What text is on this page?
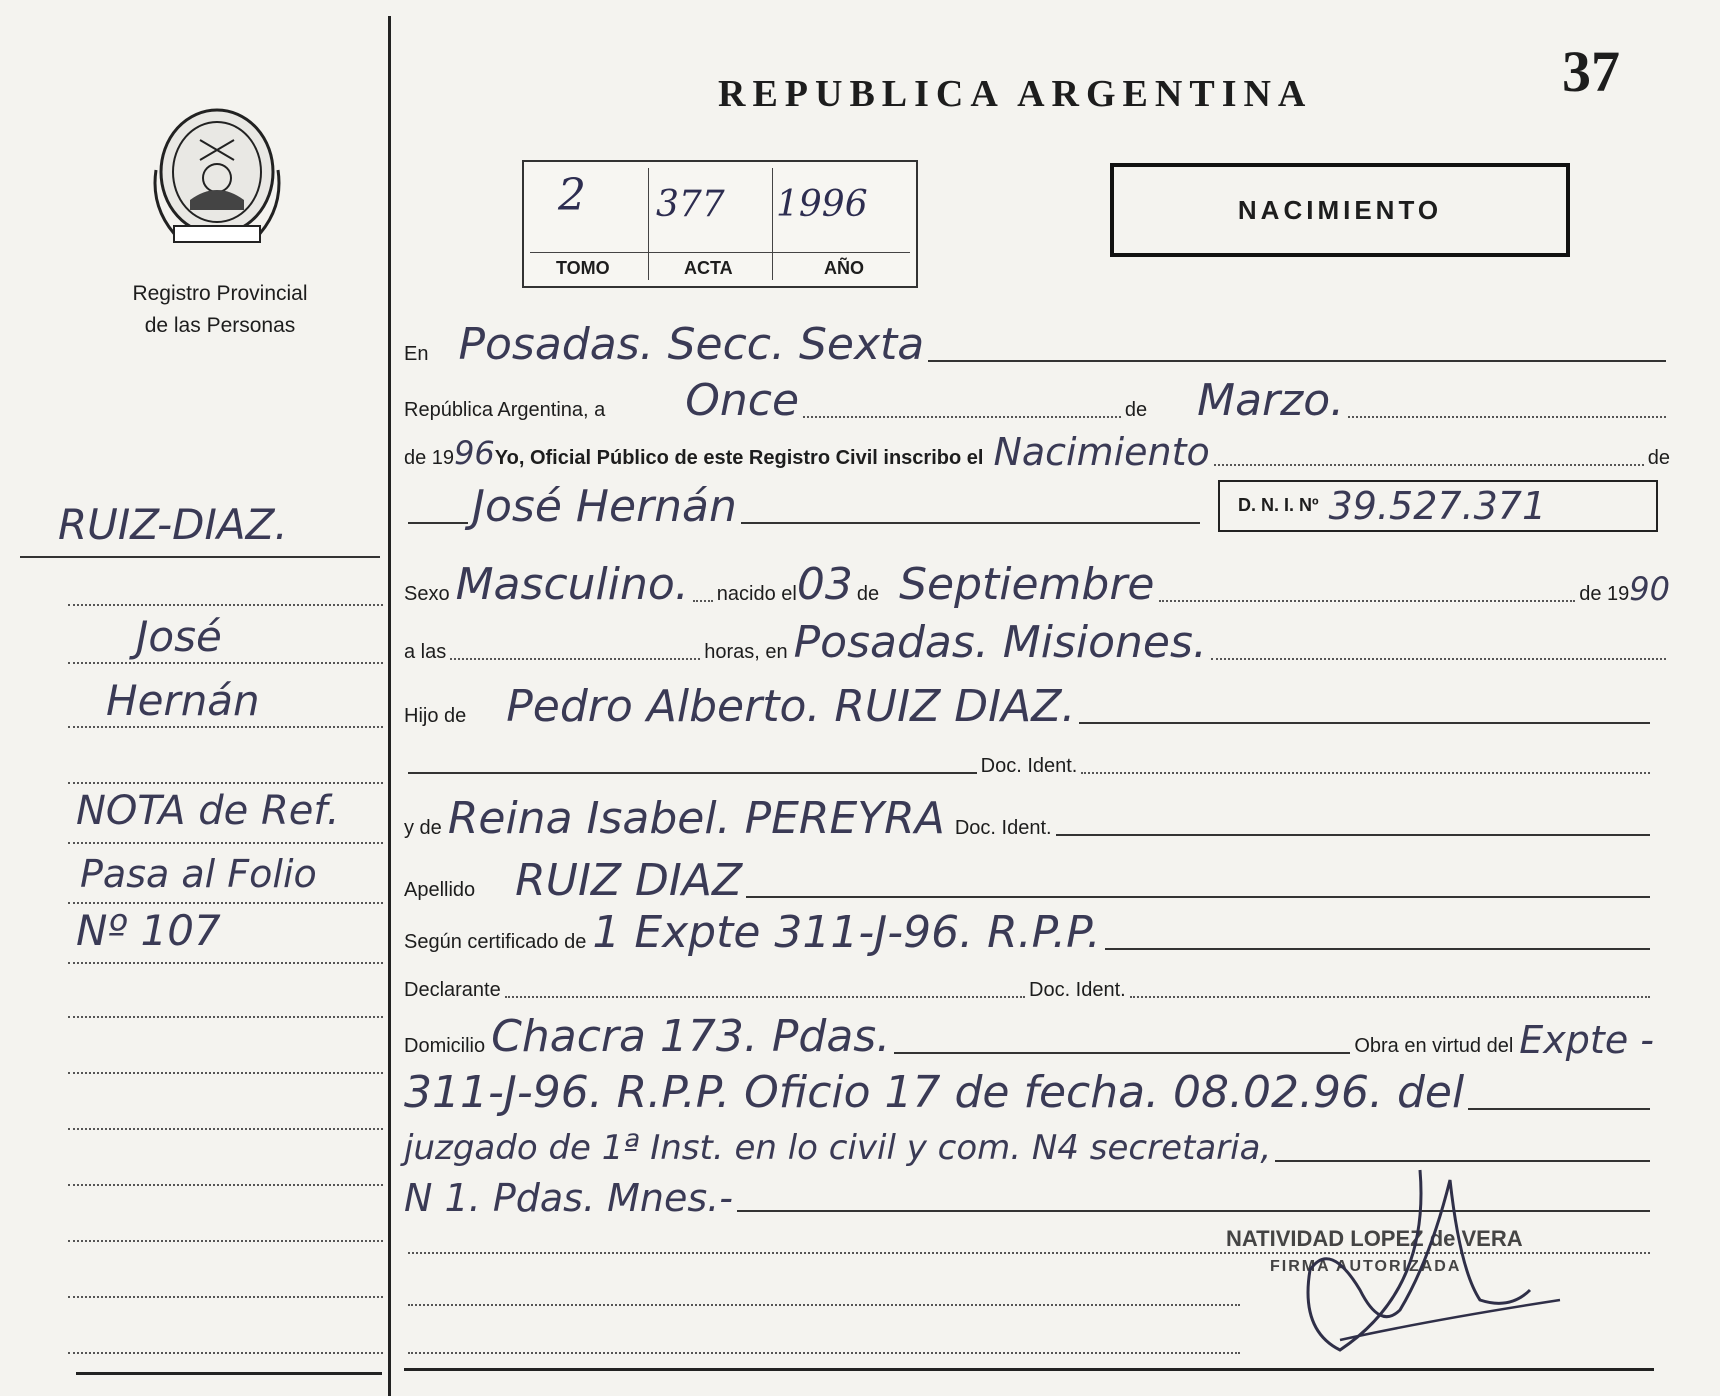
37
REPUBLICA ARGENTINA
Registro Provincial
de las Personas
2 377 1996
TOMO	ACTA	AÑO
NACIMIENTO
En Posadas. Secc. Sexta
República Argentina, a Once	de Marzo.
de 19 96 Yo, Oficial Público de este Registro Civil inscribo el Nacimiento	de
José Hernán	D. N. I. Nº 39.527.371
Sexo Masculino. nacido el 03 de Septiembre	de 19 90
a las	horas, en Posadas. Misiones.
Hijo de Pedro Alberto. RUIZ DIAZ.
Doc. Ident.
y de Reina Isabel. PEREYRA Doc. Ident.
Apellido RUIZ DIAZ
Según certificado de 1 Expte 311-J-96. R.P.P.
Declarante	Doc. Ident.
Domicilio Chacra 173. Pdas.	Obra en virtud del Expte -
311-J-96. R.P.P. Oficio 17 de fecha. 08.02.96. del
juzgado de 1ª Inst. en lo civil y com. N4 secretaria,
N 1. Pdas. Mnes.-
NATIVIDAD LOPEZ de VERA
FIRMA AUTORIZADA
RUIZ-DIAZ.
José
Hernán
NOTA de Ref.
Pasa al Folio
Nº 107
